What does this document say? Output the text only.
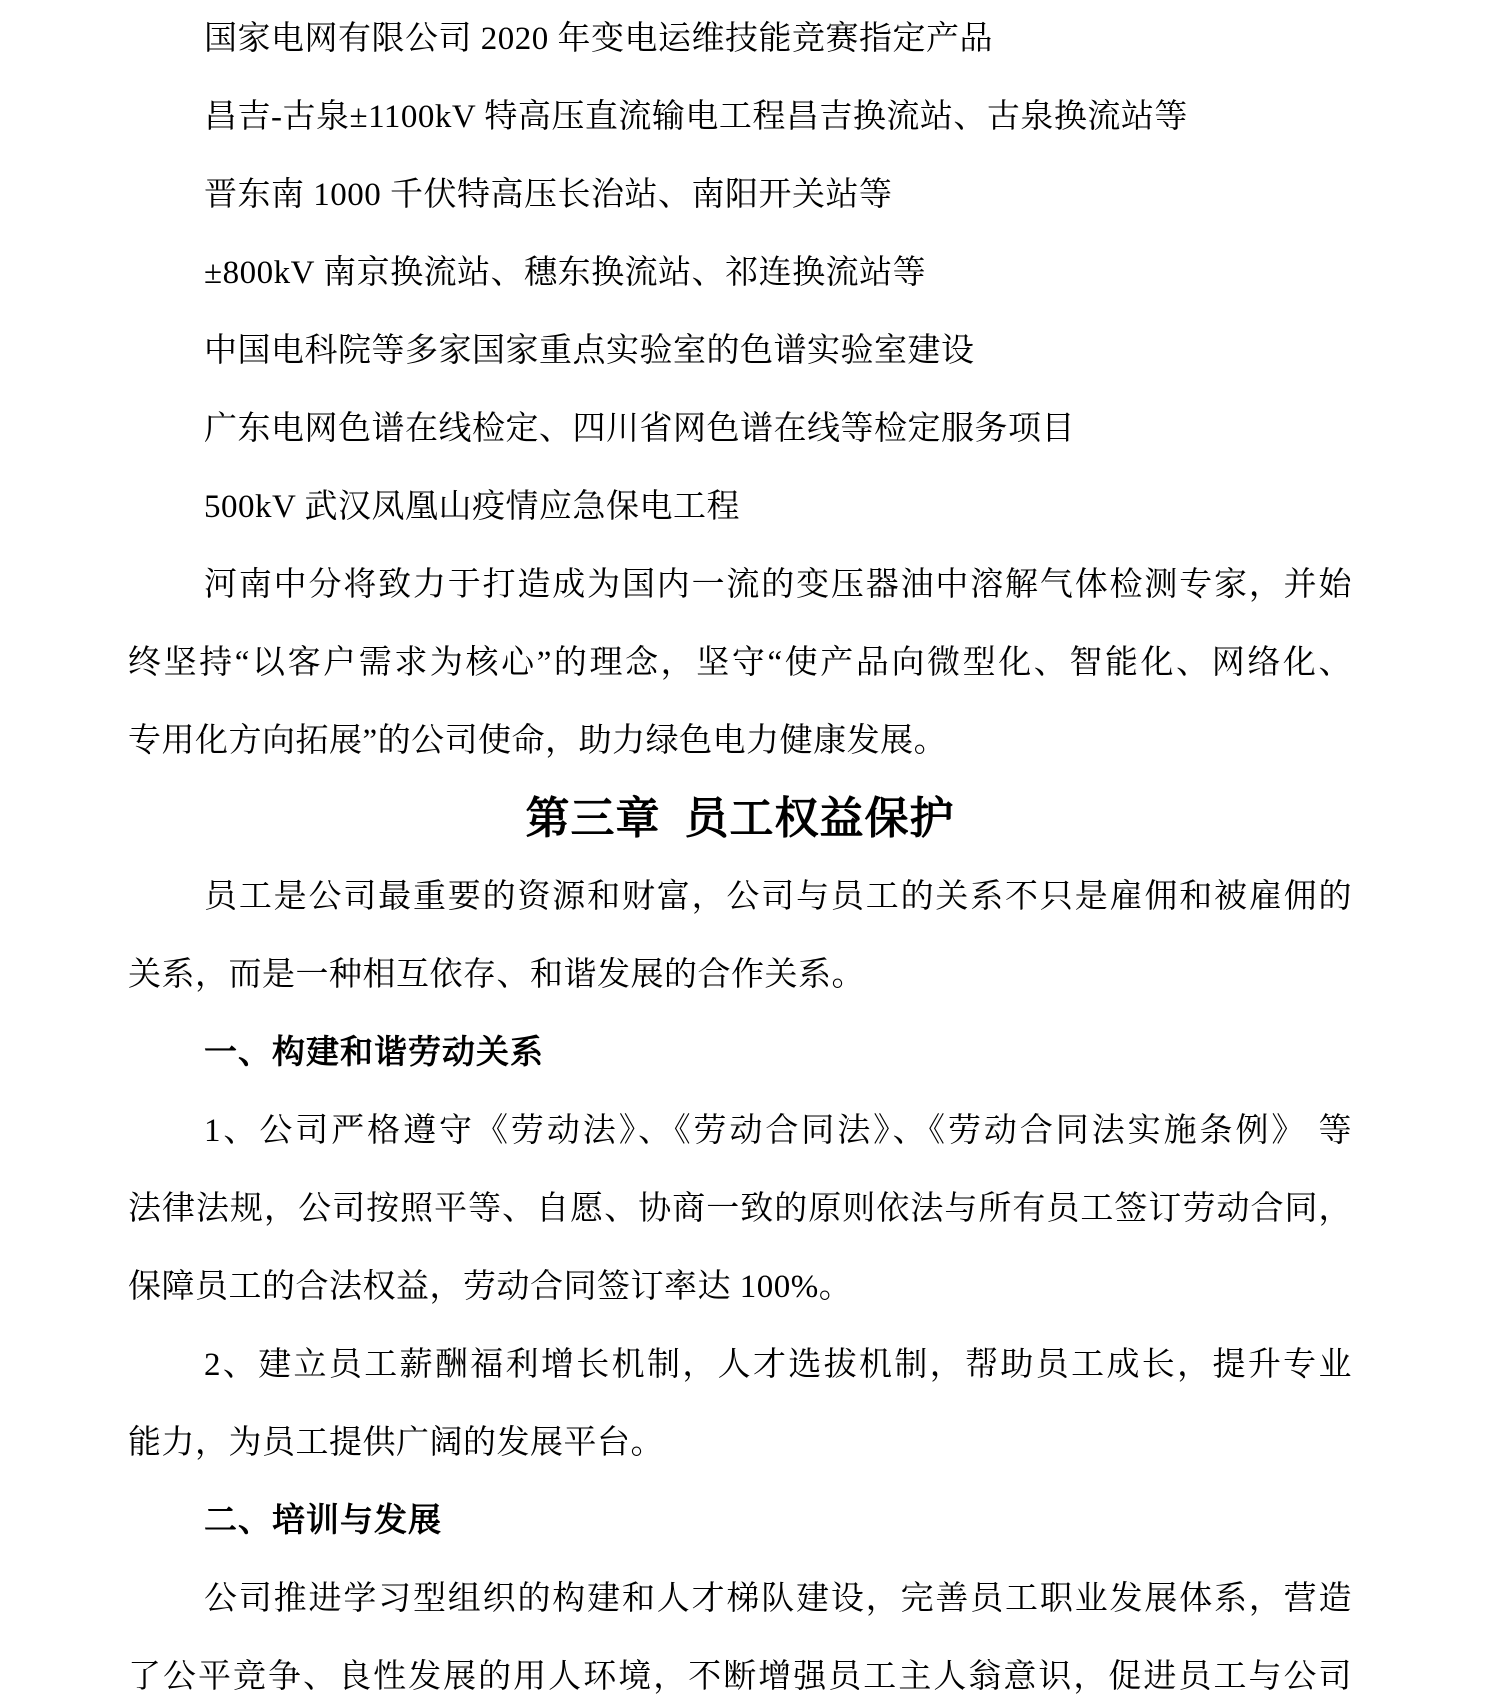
国家电网有限公司 2020 年变电运维技能竞赛指定产品
昌吉-古泉±1100kV 特高压直流输电工程昌吉换流站、古泉换流站等
晋东南 1000 千伏特高压长治站、南阳开关站等
±800kV 南京换流站、穗东换流站、祁连换流站等
中国电科院等多家国家重点实验室的色谱实验室建设
广东电网色谱在线检定、四川省网色谱在线等检定服务项目
500kV 武汉凤凰山疫情应急保电工程
河南中分将致力于打造成为国内一流的变压器油中溶解气体检测专家，并始
终坚持“以客户需求为核心”的理念，坚守“使产品向微型化、智能化、网络化、
专用化方向拓展”的公司使命，助力绿色电力健康发展。
第三章 员工权益保护
员工是公司最重要的资源和财富，公司与员工的关系不只是雇佣和被雇佣的
关系，而是一种相互依存、和谐发展的合作关系。
一、构建和谐劳动关系
1、公司严格遵守《劳动法》、《劳动合同法》、《劳动合同法实施条例》 等
法律法规，公司按照平等、自愿、协商一致的原则依法与所有员工签订劳动合同，
保障员工的合法权益，劳动合同签订率达 100%。
2、建立员工薪酬福利增长机制，人才选拔机制，帮助员工成长，提升专业
能力，为员工提供广阔的发展平台。
二、培训与发展
公司推进学习型组织的构建和人才梯队建设，完善员工职业发展体系，营造
了公平竞争、良性发展的用人环境，不断增强员工主人翁意识，促进员工与公司
